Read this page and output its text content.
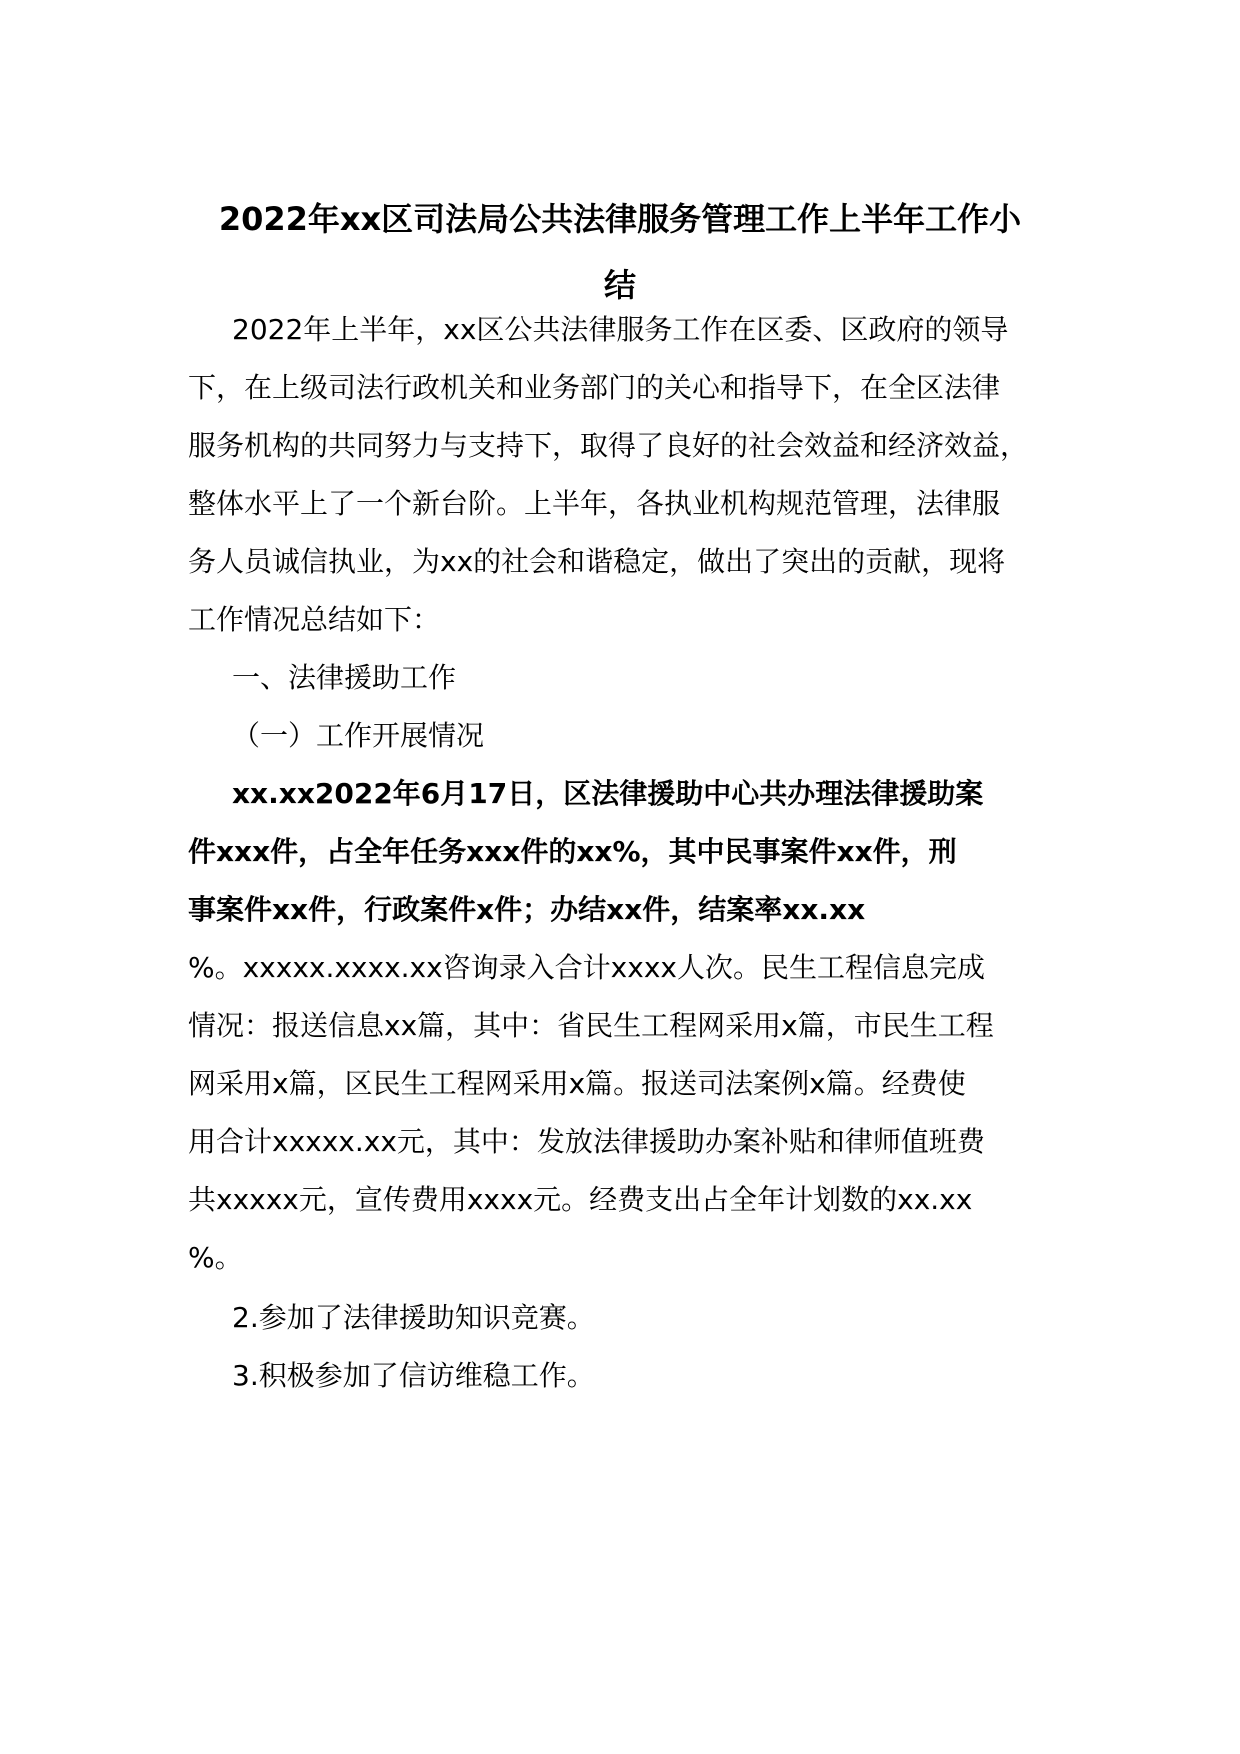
2022年xx区司法局公共法律服务管理工作上半年工作小
结
2022年上半年，xx区公共法律服务工作在区委、区政府的领导
下，在上级司法行政机关和业务部门的关心和指导下，在全区法律
服务机构的共同努力与支持下，取得了良好的社会效益和经济效益，
整体水平上了一个新台阶。上半年，各执业机构规范管理，法律服
务人员诚信执业，为xx的社会和谐稳定，做出了突出的贡献，现将
工作情况总结如下：
一、法律援助工作
（一）工作开展情况
xx.xx2022年6月17日，区法律援助中心共办理法律援助案
件xxx件，占全年任务xxx件的xx%，其中民事案件xx件，刑
事案件xx件，行政案件x件；办结xx件，结案率xx.xx
%。xxxxx.xxxx.xx咨询录入合计xxxx人次。民生工程信息完成
情况：报送信息xx篇，其中：省民生工程网采用x篇，市民生工程
网采用x篇，区民生工程网采用x篇。报送司法案例x篇。经费使
用合计xxxxx.xx元，其中：发放法律援助办案补贴和律师值班费
共xxxxx元，宣传费用xxxx元。经费支出占全年计划数的xx.xx
%。
2.参加了法律援助知识竞赛。
3.积极参加了信访维稳工作。
